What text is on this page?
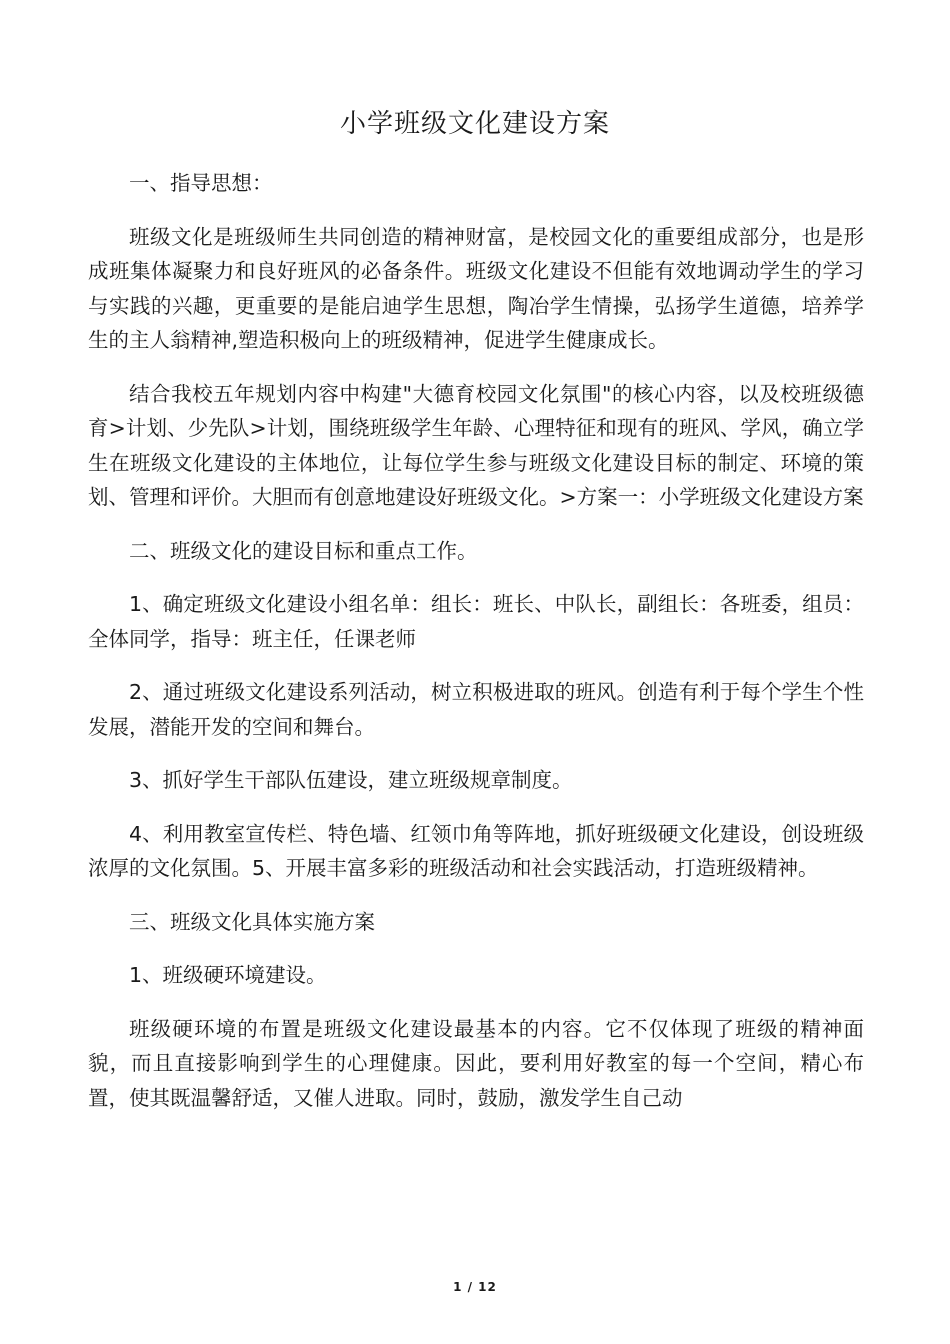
小学班级文化建设方案

一、指导思想：

班级文化是班级师生共同创造的精神财富，是校园文化的重要组成部分，也是形成班集体凝聚力和良好班风的必备条件。班级文化建设不但能有效地调动学生的学习与实践的兴趣，更重要的是能启迪学生思想，陶冶学生情操，弘扬学生道德，培养学生的主人翁精神,塑造积极向上的班级精神，促进学生健康成长。

结合我校五年规划内容中构建"大德育校园文化氛围"的核心内容，以及校班级德育>计划、少先队>计划，围绕班级学生年龄、心理特征和现有的班风、学风，确立学生在班级文化建设的主体地位，让每位学生参与班级文化建设目标的制定、环境的策划、管理和评价。大胆而有创意地建设好班级文化。>方案一：小学班级文化建设方案

二、班级文化的建设目标和重点工作。

1、确定班级文化建设小组名单：组长：班长、中队长，副组长：各班委，组员：全体同学，指导：班主任，任课老师

2、通过班级文化建设系列活动，树立积极进取的班风。创造有利于每个学生个性发展，潜能开发的空间和舞台。

3、抓好学生干部队伍建设，建立班级规章制度。

4、利用教室宣传栏、特色墙、红领巾角等阵地，抓好班级硬文化建设，创设班级浓厚的文化氛围。5、开展丰富多彩的班级活动和社会实践活动，打造班级精神。

三、班级文化具体实施方案

1、班级硬环境建设。

班级硬环境的布置是班级文化建设最基本的内容。它不仅体现了班级的精神面貌，而且直接影响到学生的心理健康。因此，要利用好教室的每一个空间，精心布置，使其既温馨舒适，又催人进取。同时，鼓励，激发学生自己动

1 / 12
